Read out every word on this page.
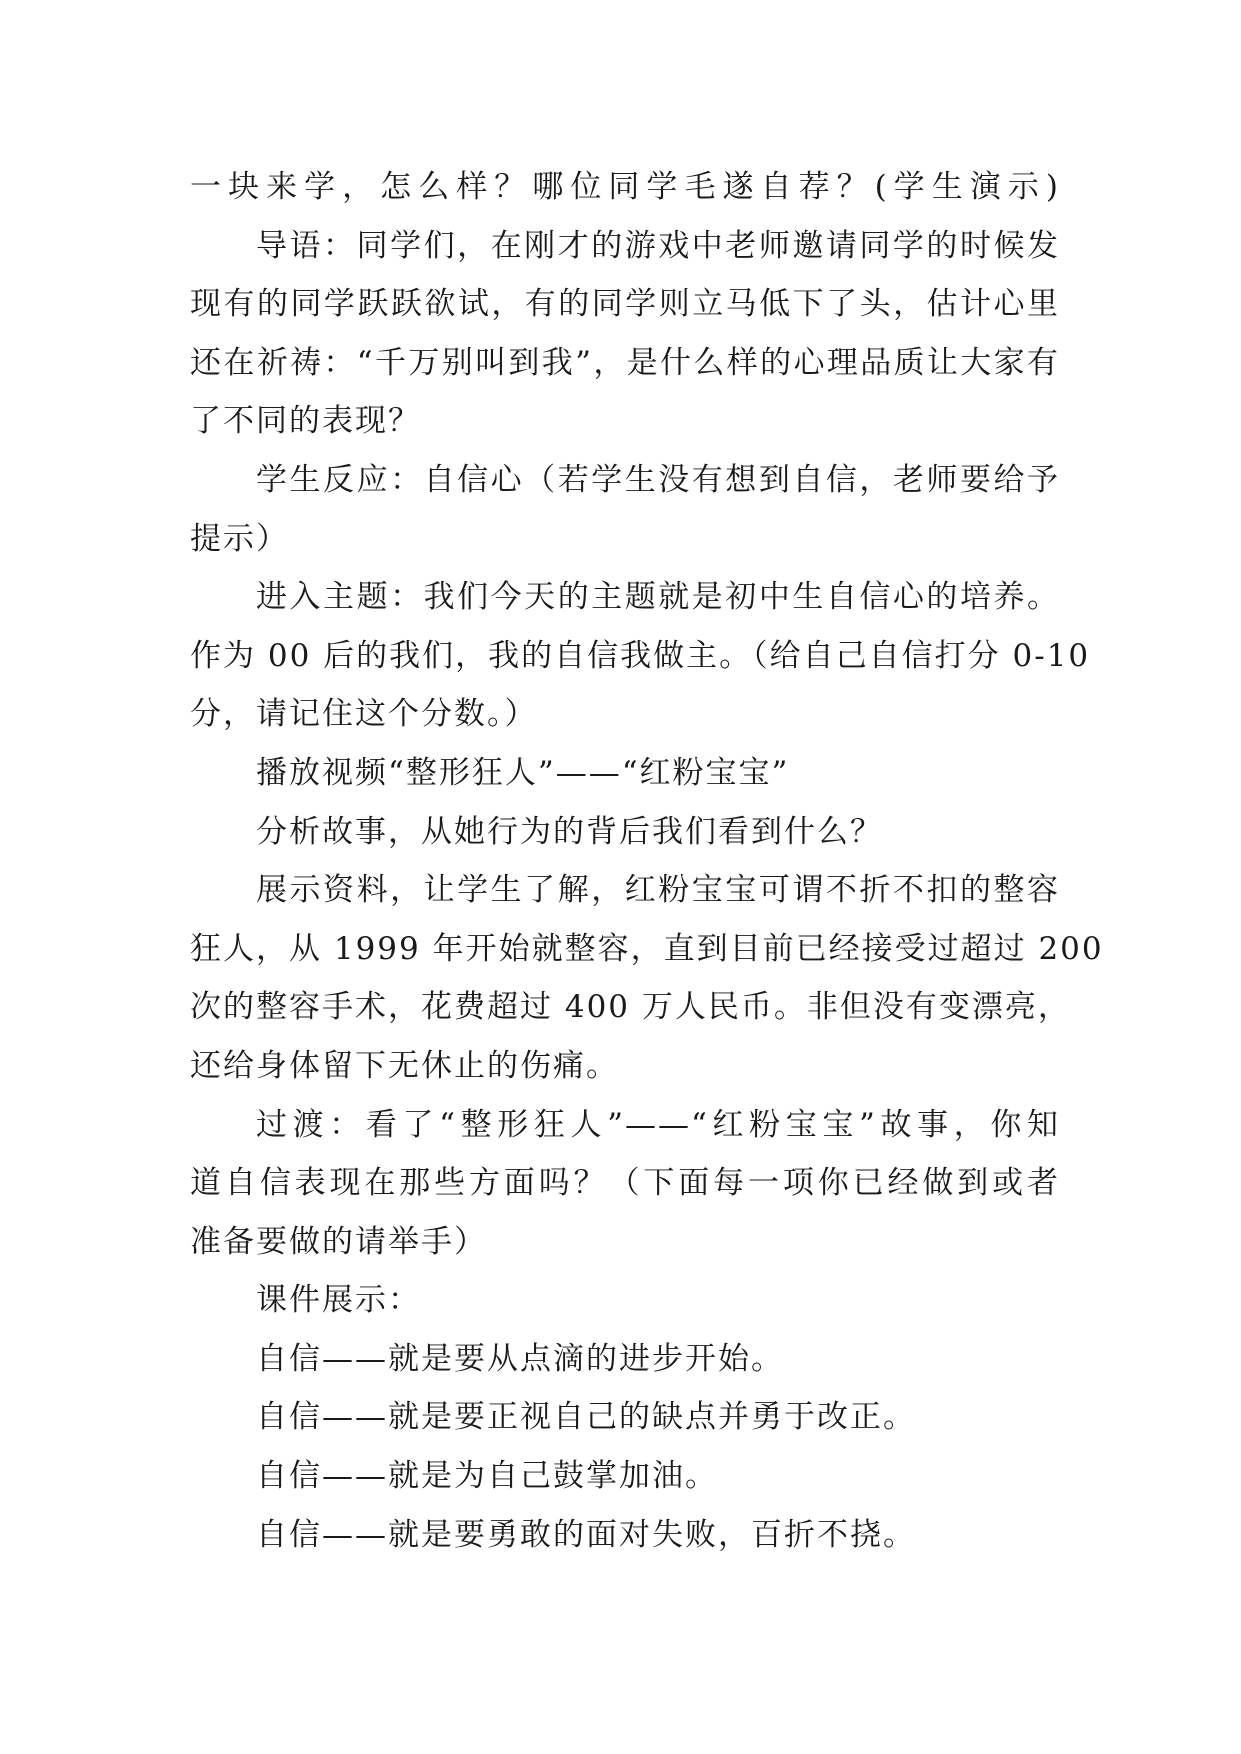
一块来学，怎么样？哪位同学毛遂自荐？(学生演示)
导语：同学们，在刚才的游戏中老师邀请同学的时候发
现有的同学跃跃欲试，有的同学则立马低下了头，估计心里
还在祈祷：“千万别叫到我”，是什么样的心理品质让大家有
了不同的表现？
学生反应：自信心（若学生没有想到自信，老师要给予
提示）
进入主题：我们今天的主题就是初中生自信心的培养。
作为 00 后的我们，我的自信我做主。（给自己自信打分 0-10
分，请记住这个分数。）
播放视频“整形狂人”——“红粉宝宝”
分析故事，从她行为的背后我们看到什么？
展示资料，让学生了解，红粉宝宝可谓不折不扣的整容
狂人，从 1999 年开始就整容，直到目前已经接受过超过 200
次的整容手术，花费超过 400 万人民币。非但没有变漂亮，
还给身体留下无休止的伤痛。
过渡：看了“整形狂人”——“红粉宝宝”故事，你知
道自信表现在那些方面吗？（下面每一项你已经做到或者
准备要做的请举手）
课件展示：
自信——就是要从点滴的进步开始。
自信——就是要正视自己的缺点并勇于改正。
自信——就是为自己鼓掌加油。
自信——就是要勇敢的面对失败，百折不挠。
